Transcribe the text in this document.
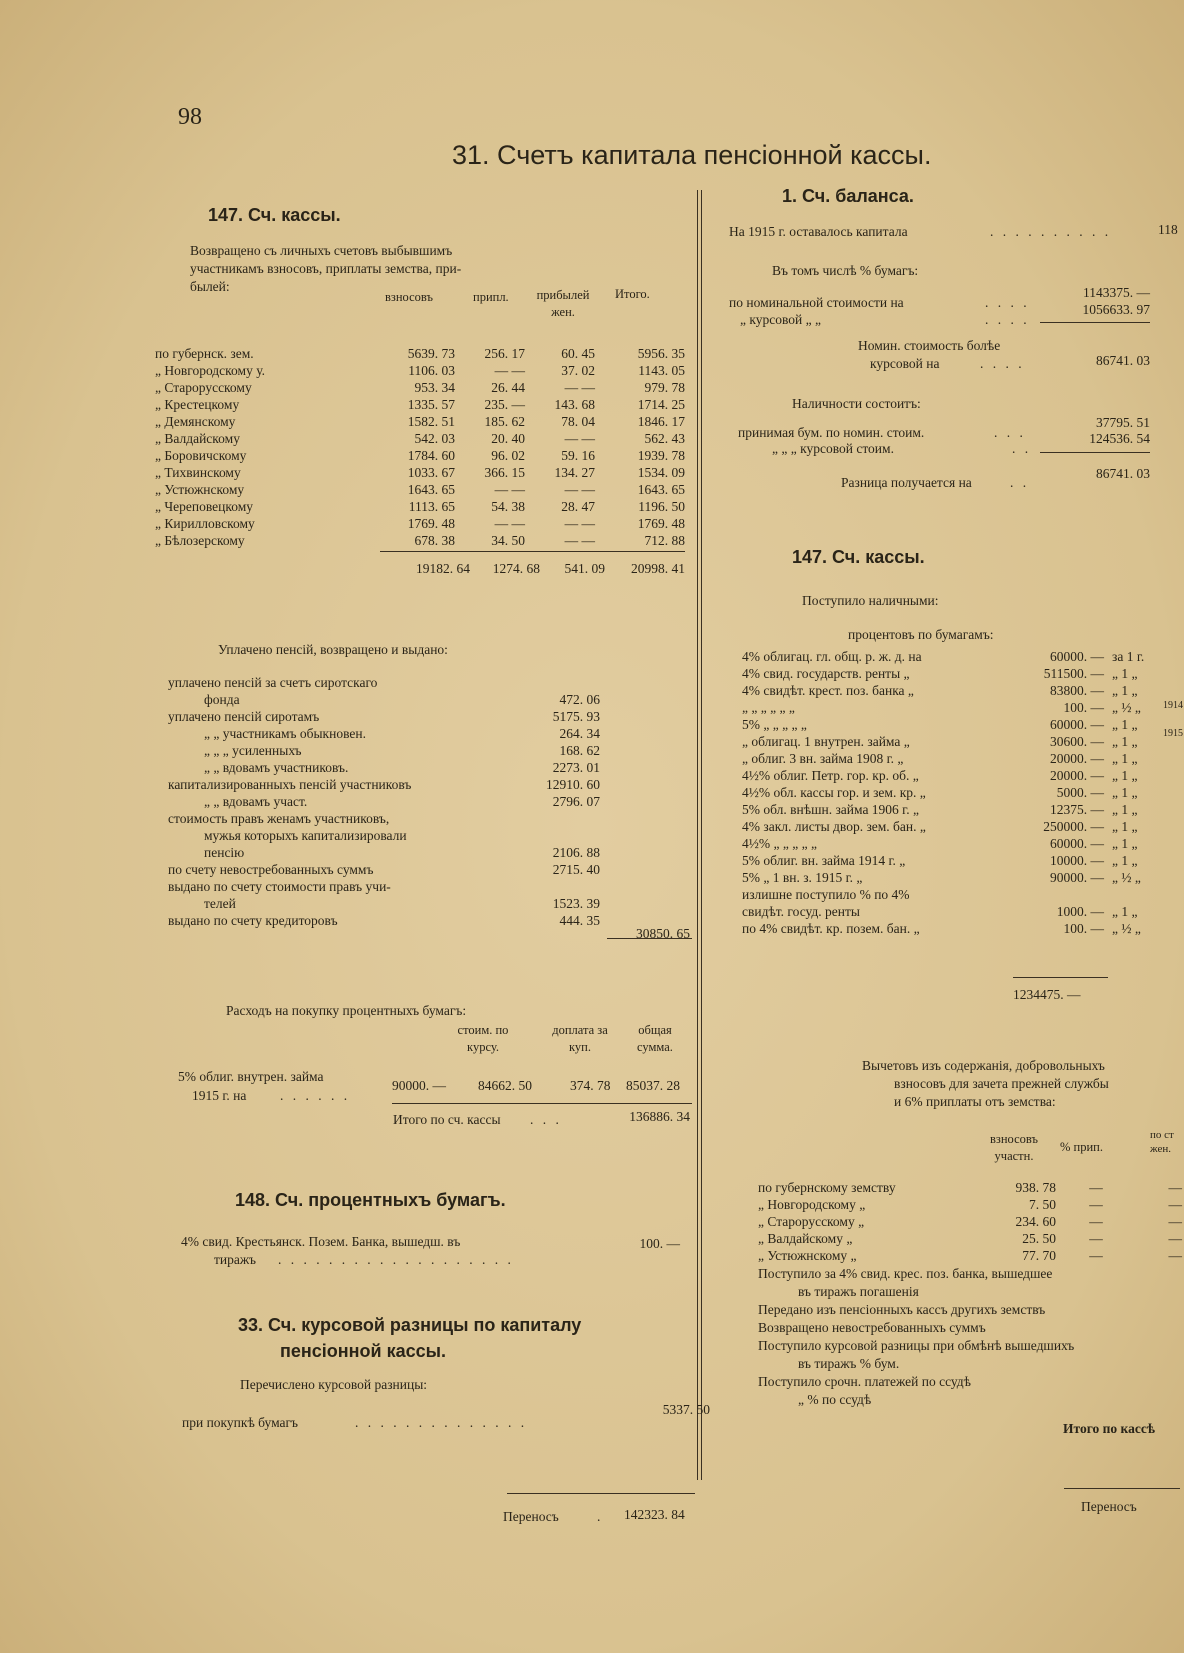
98
31. Счетъ капитала пенсіонной кассы.
147. Сч. кассы.
Возвращено съ личныхъ счетовъ выбывшимъ
участникамъ взносовъ, приплаты земства, при-
былей:
взносовъ	припл. прибылей жен.
Итого.
по губернск. зем.	5639. 73	256. 17	60. 45	5956. 35
„ Новгородскому у.	1106. 03	— —	37. 02	1143. 05
„ Старорусскому	953. 34	26. 44	— —	979. 78
„ Крестецкому	1335. 57	235. —	143. 68	1714. 25
„ Демянскому	1582. 51	185. 62	78. 04	1846. 17
„ Валдайскому	542. 03	20. 40	— —	562. 43
„ Боровичскому	1784. 60	96. 02	59. 16	1939. 78
„ Тихвинскому	1033. 67	366. 15	134. 27	1534. 09
„ Устюжнскому	1643. 65	— —	— —	1643. 65
„ Череповецкому	1113. 65	54. 38	28. 47	1196. 50
„ Кирилловскому	1769. 48	— —	— —	1769. 48
„ Бѣлозерскому	678. 38	34. 50	— —	712. 88
19182. 64	1274. 68	541. 09	20998. 41
Уплачено пенсій, возвращено и выдано:
уплачено пенсій за счетъ сиротскаго	
фонда	472. 06
уплачено пенсій сиротамъ	5175. 93
„ „ участникамъ обыкновен.	264. 34
„ „ „ усиленныхъ	168. 62
„ „ вдовамъ участниковъ.	2273. 01
капитализированныхъ пенсій участниковъ	12910. 60
„ „ вдовамъ участ.	2796. 07
стоимость правъ женамъ участниковъ,	
мужья которыхъ капитализировали	
пенсію	2106. 88
по счету невостребованныхъ суммъ	2715. 40
выдано по счету стоимости правъ учи-	
телей	1523. 39
выдано по счету кредиторовъ	444. 35
30850. 65
Расходъ на покупку процентныхъ бумагъ:
стоим. по курсу.
доплата за куп.
общая сумма.
5% облиг. внутрен. займа
1915 г. на . . . . . .
90000. — 84662. 50	374. 78 85037. 28
Итого по сч. кассы . . .	136886. 34
148. Сч. процентныхъ бумагъ.
4% свид. Крестьянск. Позем. Банка, вышедш. въ
тиражъ . . . . . . . . . . . . . . . . . . .
100. —
33. Сч. курсовой разницы по капиталу
пенсіонной кассы.
Перечислено курсовой разницы:
при покупкѣ бумагъ	. . . . . . . . . . . . . .
5337. 50
Переносъ	. 142323. 84
1. Сч. баланса.
На 1915 г. оставалось капитала	. . . . . . . . . .	118
Въ томъ числѣ % бумагъ:
по номинальной стоимости на	. . . .
1143375. —
„ курсовой „ „	. . . .
1056633. 97
Номин. стоимость болѣе
курсовой на	. . . .	86741. 03
Наличности состоитъ:
принимая бум. по номин. стоим.	. . .
37795. 51
„ „ „ курсовой стоим.	. .
124536. 54
Разница получается на	. .
86741. 03
147. Сч. кассы.
Поступило наличными:
процентовъ по бумагамъ:
4% облигац. гл. общ. р. ж. д. на	60000. —	за 1 г.
4% свид. государств. ренты „	511500. —	„ 1 „
4% свидѣт. крест. поз. банка „	83800. —	„ 1 „
„ „ „ „ „ „	100. —	„ ½ „
5% „ „ „ „ „	60000. —	„ 1 „
„ облигац. 1 внутрен. займа „	30600. —	„ 1 „
„ облиг. 3 вн. займа 1908 г. „	20000. —	„ 1 „
4½% облиг. Петр. гор. кр. об. „	20000. —	„ 1 „
4½% обл. кассы гор. и зем. кр. „	5000. —	„ 1 „
5% обл. внѣшн. займа 1906 г. „	12375. —	„ 1 „
4% закл. листы двор. зем. бан. „	250000. —	„ 1 „
4½% „ „ „ „ „	60000. —	„ 1 „
5% облиг. вн. займа 1914 г. „	10000. —	„ 1 „
5% „ 1 вн. з. 1915 г. „	90000. —	„ ½ „
излишне поступило % по 4%		
свидѣт. госуд. ренты	1000. —	„ 1 „
по 4% свидѣт. кр. позем. бан. „	100. —	„ ½ „
1914
1915
1234475. —
Вычетовъ изъ содержанія, добровольныхъ
взносовъ для зачета прежней службы
и 6% приплаты отъ земства:
взносовъ участн.
% прип.
по ст жен.
по губернскому земству	938. 78	—	—
„ Новгородскому „	7. 50	—	—
„ Старорусскому „	234. 60	—	—
„ Валдайскому „	25. 50	—	—
„ Устюжнскому „	77. 70	—	—
Поступило за 4% свид. крес. поз. банка, вышедшее
въ тиражъ погашенія
Передано изъ пенсіонныхъ кассъ другихъ земствъ
Возвращено невостребованныхъ суммъ
Поступило курсовой разницы при обмѣнѣ вышедшихъ
въ тиражъ % бум.
Поступило срочн. платежей по ссудѣ
„ % по ссудѣ
Итого по кассѣ
Переносъ
